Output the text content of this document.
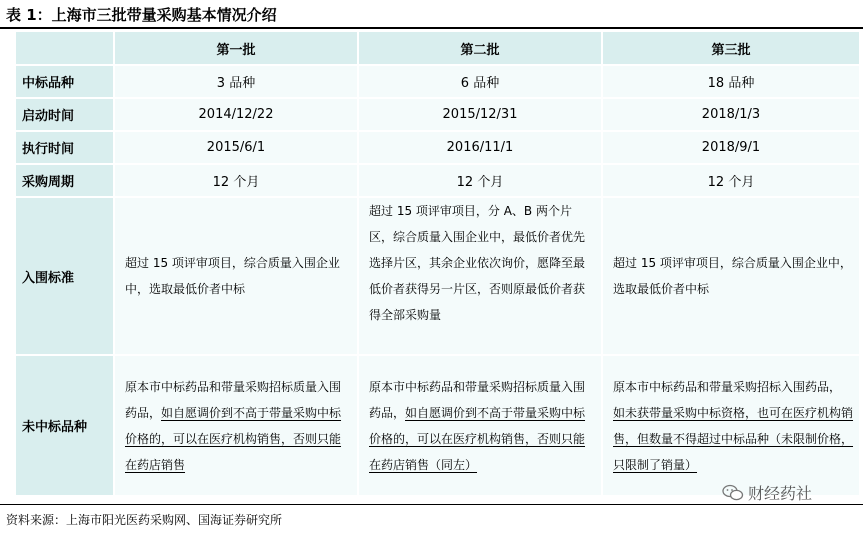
表 1：上海市三批带量采购基本情况介绍
	第一批	第二批	第三批
中标品种	3 品种	6 品种	18 品种
启动时间	2014/12/22	2015/12/31	2018/1/3
执行时间	2015/6/1	2016/11/1	2018/9/1
采购周期	12 个月	12 个月	12 个月
入围标准	超过 15 项评审项目，综合质量入围企业中，选取最低价者中标	超过 15 项评审项目，分 A、B 两个片区，综合质量入围企业中，最低价者优先选择片区，其余企业依次询价，愿降至最低价者获得另一片区，否则原最低价者获得全部采购量	超过 15 项评审项目，综合质量入围企业中，选取最低价者中标
未中标品种	原本市中标药品和带量采购招标质量入围药品，如自愿调价到不高于带量采购中标价格的，可以在医疗机构销售，否则只能在药店销售	原本市中标药品和带量采购招标质量入围药品，如自愿调价到不高于带量采购中标价格的，可以在医疗机构销售，否则只能在药店销售（同左）	原本市中标药品和带量采购招标入围药品，如未获带量采购中标资格，也可在医疗机构销售，但数量不得超过中标品种（未限制价格，只限制了销量）
资料来源：上海市阳光医药采购网、国海证券研究所
财经药社
